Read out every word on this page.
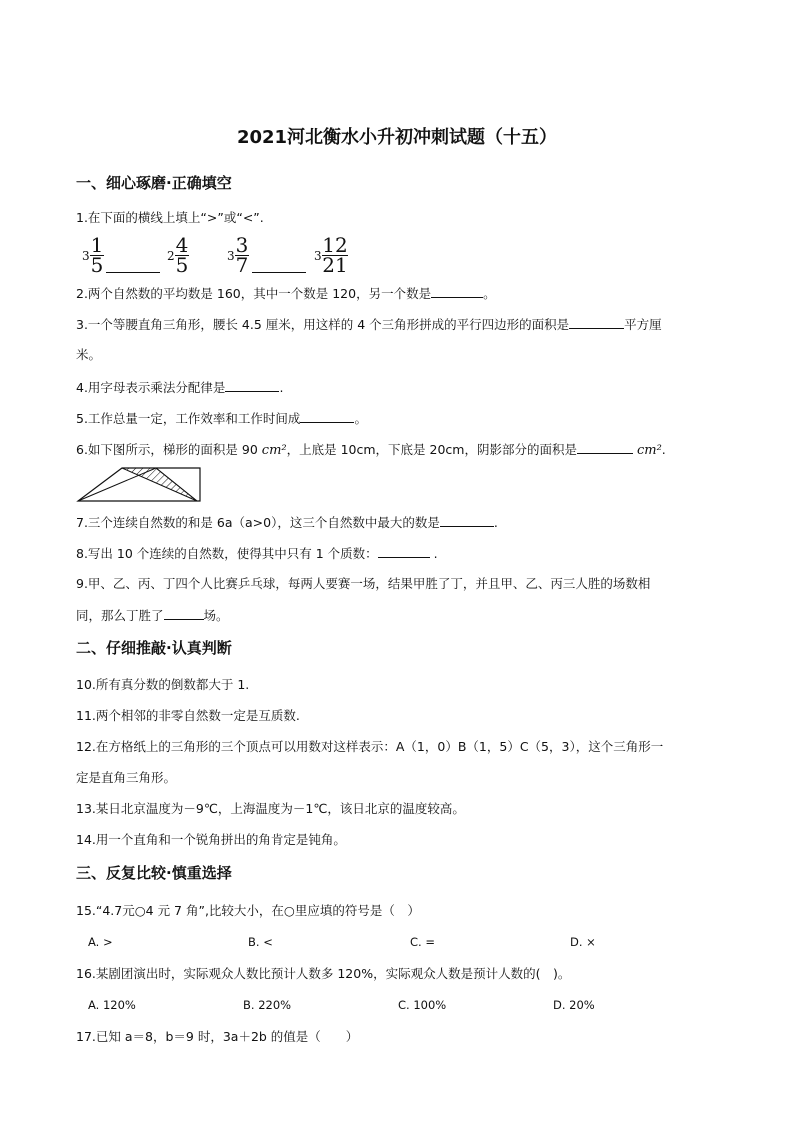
2021河北衡水小升初冲刺试题（十五）
一、细心琢磨·正确填空
1.在下面的横线上填上“>”或“<”.
$3 \frac{1}{5}$	$2 \frac{4}{5}$	$3 \frac{3}{7}$	$3 \frac{12}{21}$
2.两个自然数的平均数是 160，其中一个数是 120，另一个数是	。
3.一个等腰直角三角形，腰长 4.5 厘米，用这样的 4 个三角形拼成的平行四边形的面积是	平方厘
米。
4.用字母表示乘法分配律是	.
5.工作总量一定，工作效率和工作时间成	。
6.如下图所示，梯形的面积是 90 cm²，上底是 10cm，下底是 20cm，阴影部分的面积是	cm².
7.三个连续自然数的和是 6a（a>0），这三个自然数中最大的数是	.
8.写出 10 个连续的自然数，使得其中只有 1 个质数：	.
9.甲、乙、丙、丁四个人比赛乒乓球，每两人要赛一场，结果甲胜了丁，并且甲、乙、丙三人胜的场数相
同，那么丁胜了	场。
二、仔细推敲·认真判断
10.所有真分数的倒数都大于 1.
11.两个相邻的非零自然数一定是互质数.
12.在方格纸上的三角形的三个顶点可以用数对这样表示：A（1，0）B（1，5）C（5，3），这个三角形一
定是直角三角形。
13.某日北京温度为－9℃，上海温度为－1℃，该日北京的温度较高。
14.用一个直角和一个锐角拼出的角肯定是钝角。
三、反复比较·慎重选择
15.“4.7元○4 元 7 角”,比较大小，在○里应填的符号是（　）
A. >	B. <	C. =	D. ×
16.某剧团演出时，实际观众人数比预计人数多 120%，实际观众人数是预计人数的(　)。
A. 120%	B. 220%	C. 100%	D. 20%
17.已知 a＝8，b＝9 时，3a＋2b 的值是（　　）
